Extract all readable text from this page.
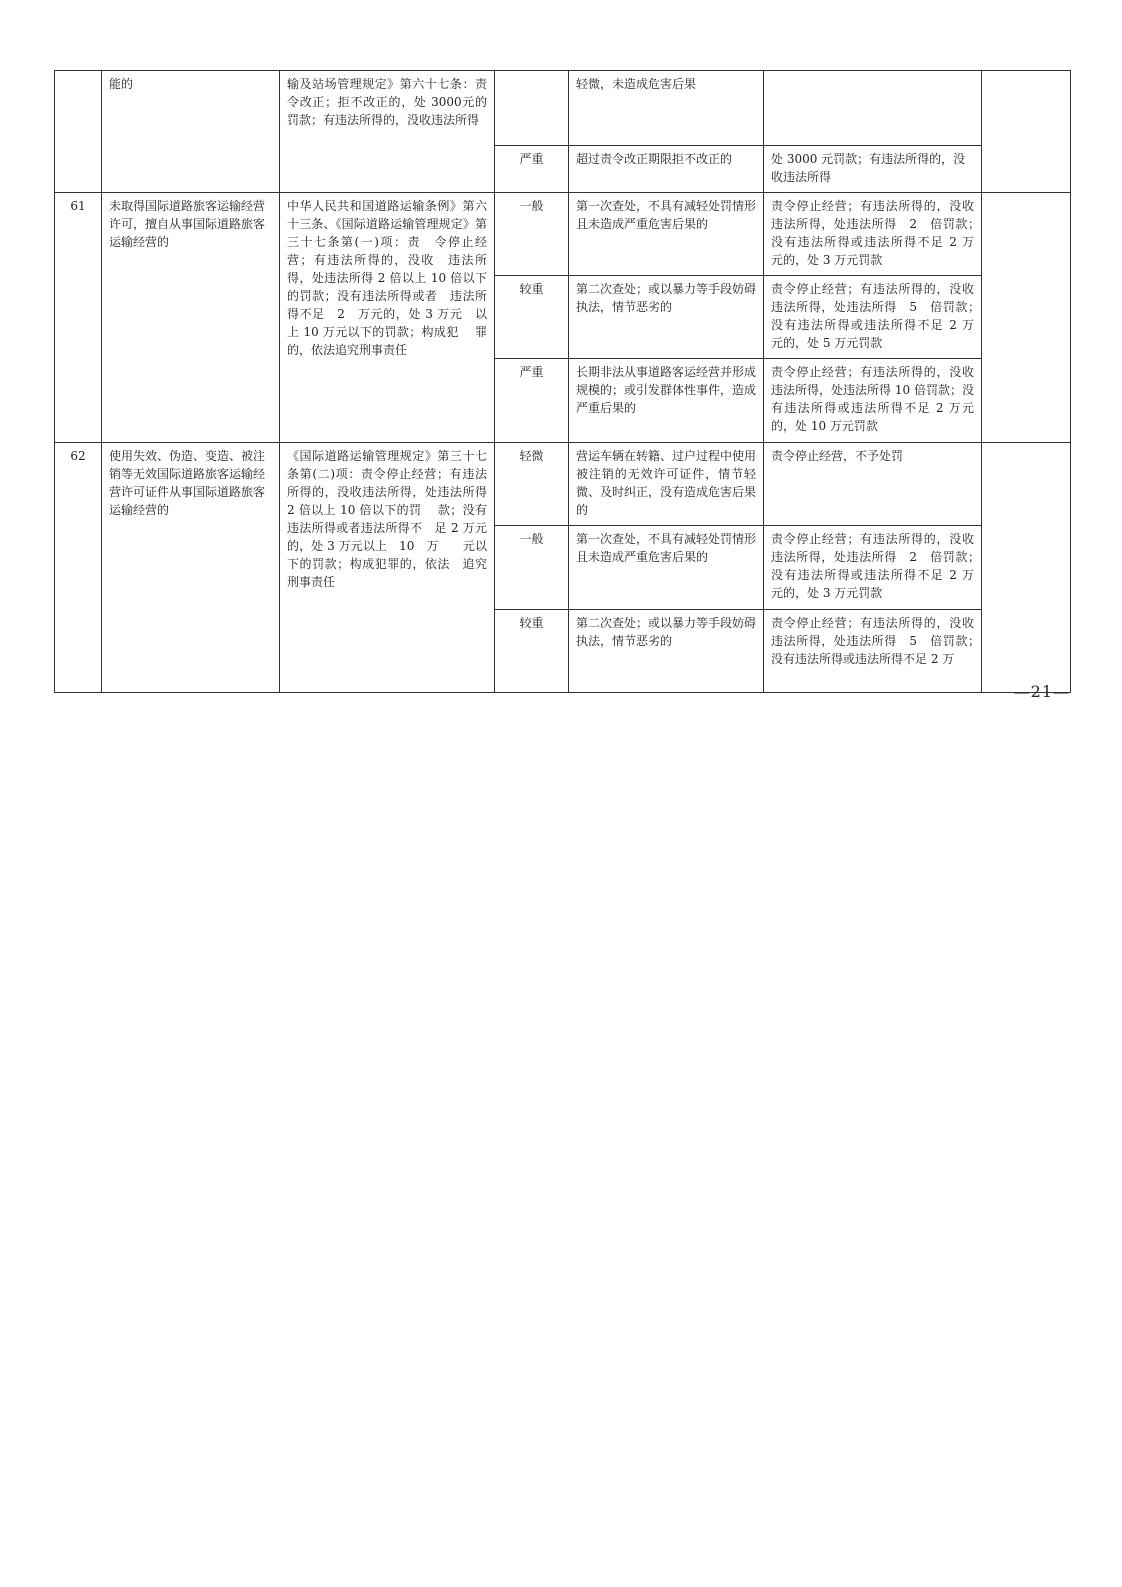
	能的	输及站场管理规定》第六十七条：责令改正；拒不改正的，处 3000元的罚款；有违法所得的，没收违法所得		轻微，未造成危害后果		
			严重	超过责令改正期限拒不改正的	处 3000 元罚款；有违法所得的，没 收违法所得	
61	未取得国际道路旅客运输经营许可，擅自从事国际道路旅客运输经营的	中华人民共和国道路运输条例》第六十三条、《国际道路运输管理规定》第三十七条第(一)项：责　令停止经营；有违法所得的，没收　违法所得，处违法所得 2 倍以上 10 倍以下的罚款；没有违法所得或者　违法所得不足　2　万元的，处 3 万元　以上 10 万元以下的罚款；构成犯　 罪的，依法追究刑事责任	一般	第一次查处，不具有减轻处罚情形且未造成严重危害后果的	责令停止经营；有违法所得的，没收违法所得，处违法所得　2　倍罚款；　没有违法所得或违法所得不足 2 万　　元的，处 3 万元罚款	
			较重	第二次查处；或以暴力等手段妨碍执法，情节恶劣的	责令停止经营；有违法所得的，没收违法所得，处违法所得　5　倍罚款；　没有违法所得或违法所得不足 2 万　　元的，处 5 万元罚款	
			严重	长期非法从事道路客运经营并形成规模的；或引发群体性事件，造成严重后果的	责令停止经营；有违法所得的，没收违法所得，处违法所得 10 倍罚款；没有违法所得或违法所得不足 2 万元的，处 10 万元罚款	
62	使用失效、伪造、变造、被注 销等无效国际道路旅客运输经营许可证件从事国际道路旅客运输经营的	《国际道路运输管理规定》第三十七条第(二)项：责令停止经营；有违法所得的，没收违法所得，处违法所得 2 倍以上 10 倍以下的罚　 款；没有违法所得或者违法所得不　足 2 万元的，处 3 万元以上　10　万　　元以下的罚款；构成犯罪的，依法　追究刑事责任	轻微	营运车辆在转籍、过户过程中使用被注销的无效许可证件，情节轻微、及时纠正，没有造成危害后果的	责令停止经营，不予处罚	
			一般	第一次查处，不具有减轻处罚情形且未造成严重危害后果的	责令停止经营；有违法所得的，没收违法所得，处违法所得　2　倍罚款；　没有违法所得或违法所得不足 2 万　　元的，处 3 万元罚款	
			较重	第二次查处；或以暴力等手段妨碍执法，情节恶劣的	责令停止经营；有违法所得的，没收违法所得，处违法所得　5　倍罚款；　没有违法所得或违法所得不足 2 万	
—21—
